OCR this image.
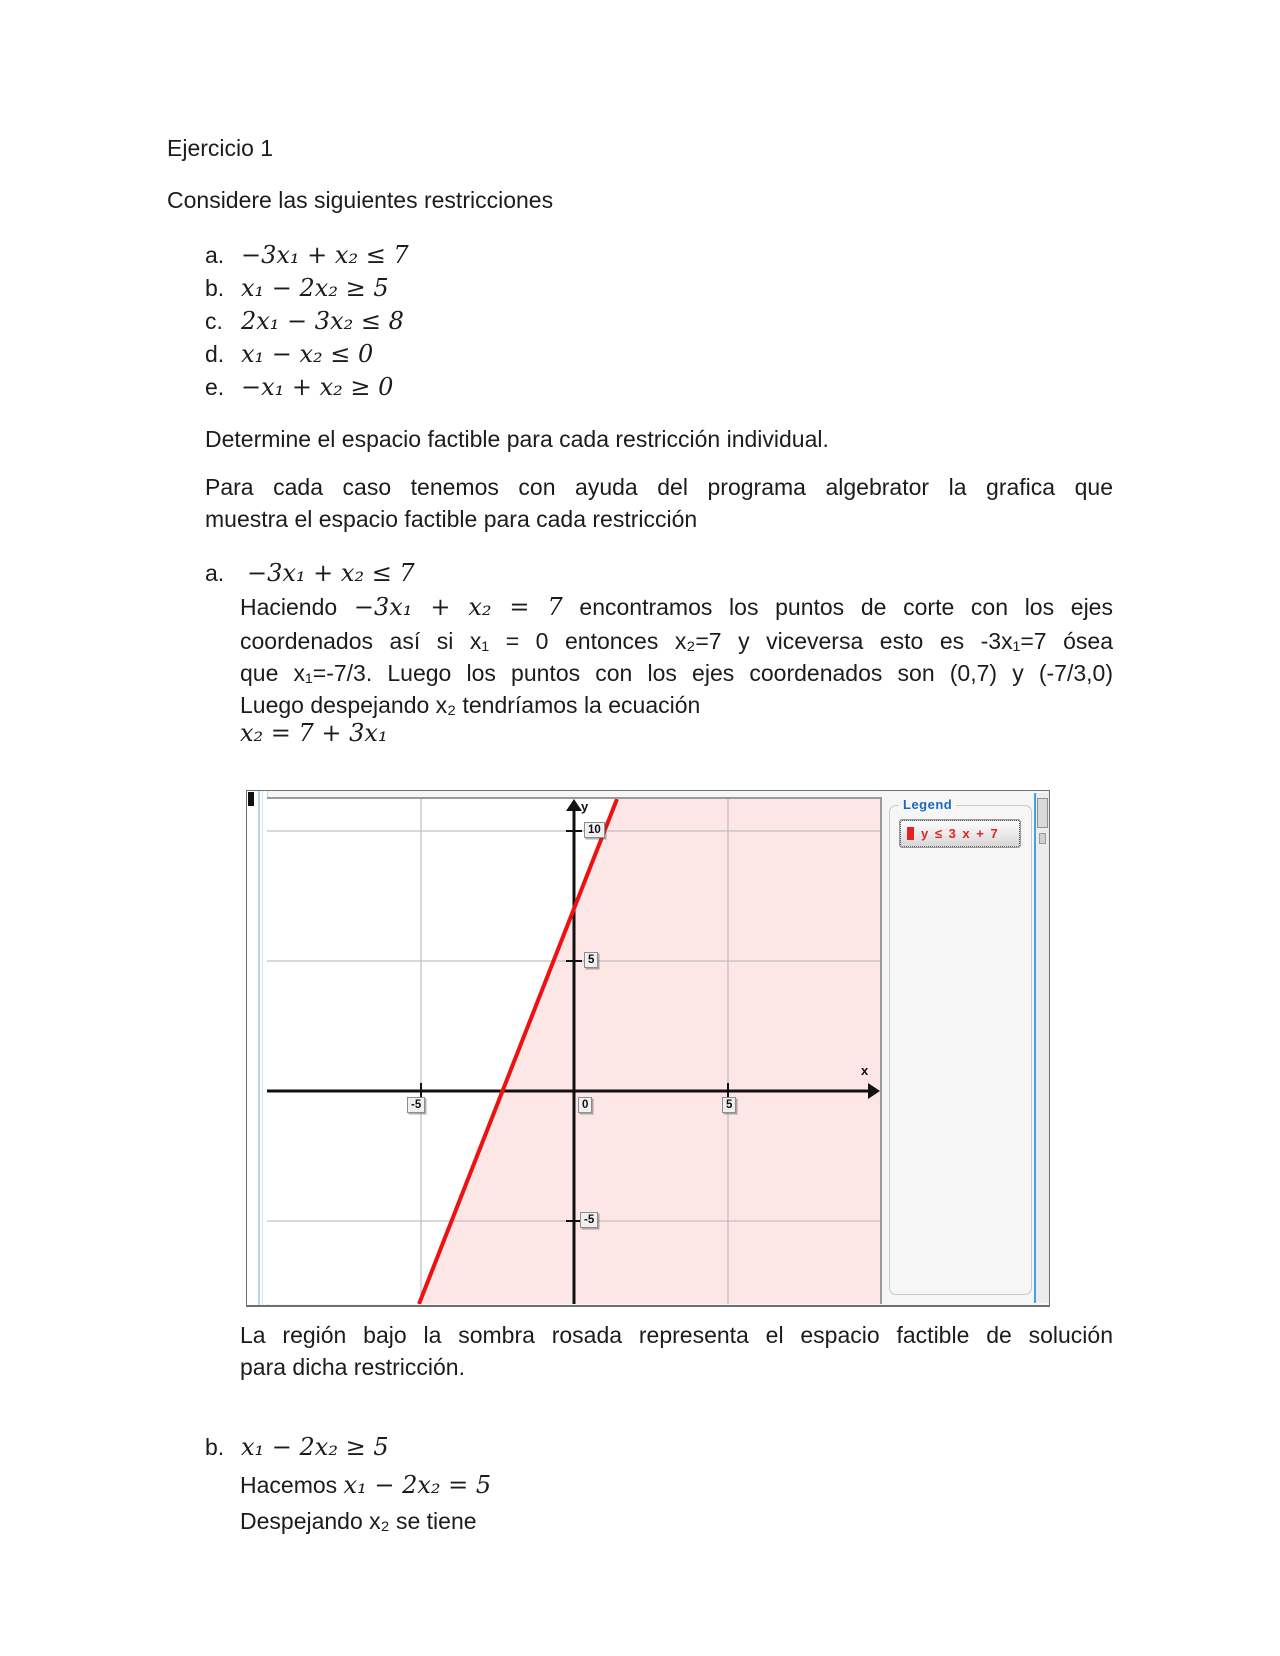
Ejercicio 1
Considere las siguientes restricciones
a. −3x₁ + x₂ ≤ 7
b. x₁ − 2x₂ ≥ 5
c. 2x₁ − 3x₂ ≤ 8
d. x₁ − x₂ ≤ 0
e. −x₁ + x₂ ≥ 0
Determine el espacio factible para cada restricción individual.
Para cada caso tenemos con ayuda del programa algebrator la grafica que
muestra el espacio factible para cada restricción
a. −3x₁ + x₂ ≤ 7
Haciendo −3x₁ + x₂ = 7 encontramos los puntos de corte con los ejes
coordenados así si x₁ = 0 entonces x₂=7 y viceversa esto es -3x₁=7 ósea
que x₁=-7/3. Luego los puntos con los ejes coordenados son (0,7) y (-7/3,0)
Luego despejando x₂ tendríamos la ecuación
x₂ = 7 + 3x₁
y
x
10
5
-5
0
-5	5
Legend
y ≤ 3 x + 7
La región bajo la sombra rosada representa el espacio factible de solución
para dicha restricción.
b. x₁ − 2x₂ ≥ 5
Hacemos x₁ − 2x₂ = 5
Despejando x₂ se tiene
